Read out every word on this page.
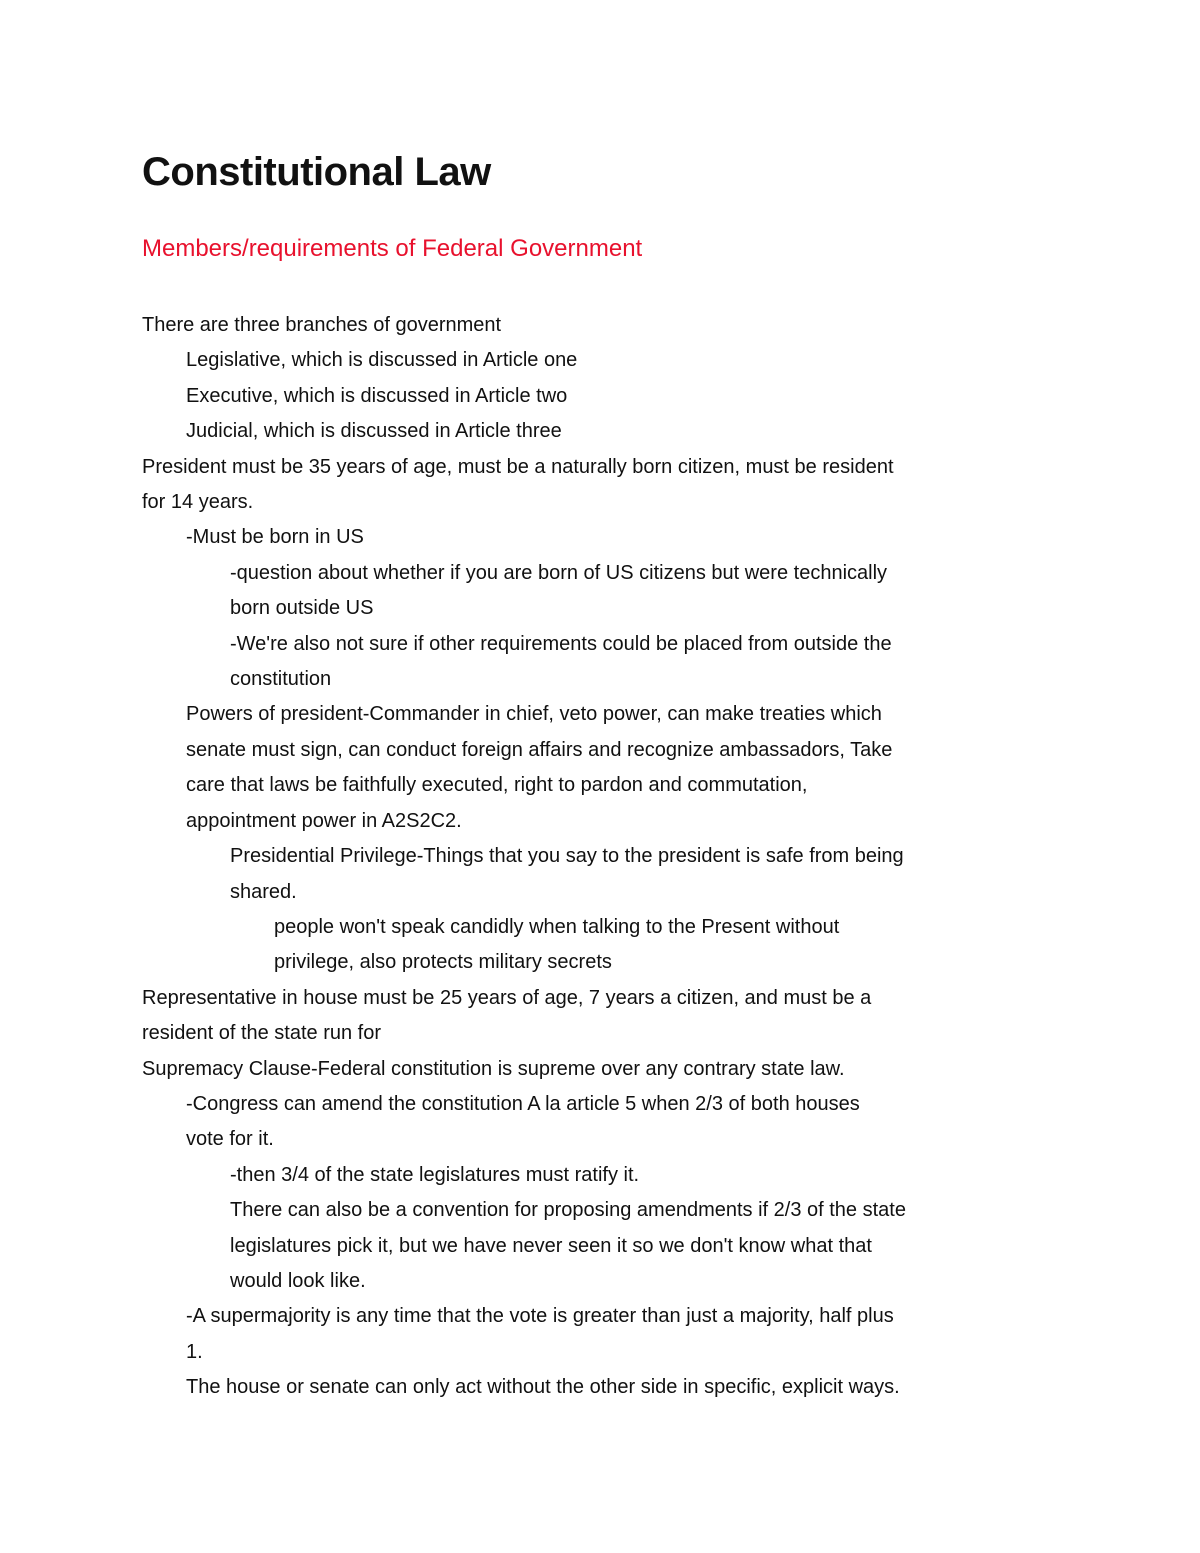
Constitutional Law
Members/requirements of Federal Government

There are three branches of government

Legislative, which is discussed in Article one

Executive, which is discussed in Article two

Judicial, which is discussed in Article three

President must be 35 years of age, must be a naturally born citizen, must be resident

for 14 years.

-Must be born in US

-question about whether if you are born of US citizens but were technically

born outside US

-We're also not sure if other requirements could be placed from outside the

constitution

Powers of president-Commander in chief, veto power, can make treaties which

senate must sign, can conduct foreign affairs and recognize ambassadors, Take

care that laws be faithfully executed, right to pardon and commutation,

appointment power in A2S2C2.

Presidential Privilege-Things that you say to the president is safe from being

shared.

people won't speak candidly when talking to the Present without

privilege, also protects military secrets

Representative in house must be 25 years of age, 7 years a citizen, and must be a

resident of the state run for

Supremacy Clause-Federal constitution is supreme over any contrary state law.

-Congress can amend the constitution A la article 5 when 2/3 of both houses

vote for it.

-then 3/4 of the state legislatures must ratify it.

There can also be a convention for proposing amendments if 2/3 of the state

legislatures pick it, but we have never seen it so we don't know what that

would look like.

-A supermajority is any time that the vote is greater than just a majority, half plus

1.

The house or senate can only act without the other side in specific, explicit ways.
